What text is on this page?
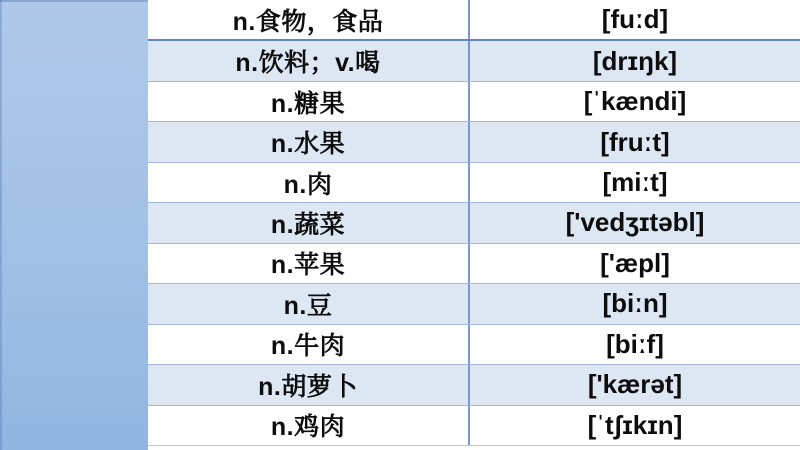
n.食物，食品	[fuːd]
n.饮料；v.喝	[drɪŋk]
n.糖果	[ˈkændi]
n.水果	[fruːt]
n.肉	[miːt]
n.蔬菜	['vedʒɪtəbl]
n.苹果	['æpl]
n.豆	[biːn]
n.牛肉	[biːf]
n.胡萝卜	['kærət]
n.鸡肉	[ˈtʃɪkɪn]
